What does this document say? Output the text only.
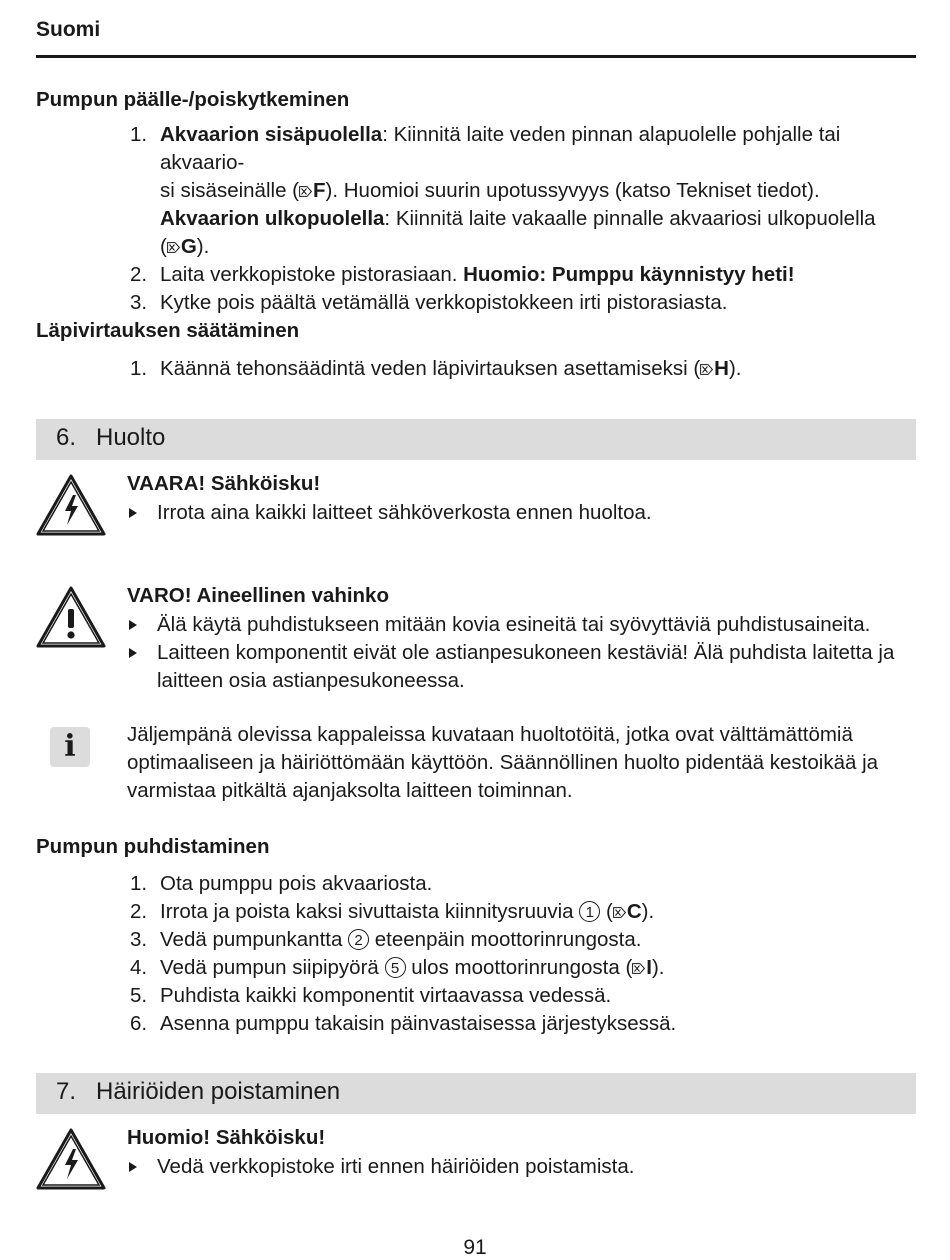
Suomi
Pumpun päälle-/poiskytkeminen
1. Akvaarion sisäpuolella: Kiinnitä laite veden pinnan alapuolelle pohjalle tai akvaario-
si sisäseinälle ( F). Huomioi suurin upotussyvyys (katso Tekniset tiedot).
Akvaarion ulkopuolella: Kiinnitä laite vakaalle pinnalle akvaariosi ulkopuolella
( G).
2. Laita verkkopistoke pistorasiaan. Huomio: Pumppu käynnistyy heti!
3. Kytke pois päältä vetämällä verkkopistokkeen irti pistorasiasta.
Läpivirtauksen säätäminen
1. Käännä tehonsäädintä veden läpivirtauksen asettamiseksi ( H).
6. Huolto
VAARA! Sähköisku!
Irrota aina kaikki laitteet sähköverkosta ennen huoltoa.
VARO! Aineellinen vahinko
Älä käytä puhdistukseen mitään kovia esineitä tai syövyttäviä puhdistusaineita.
Laitteen komponentit eivät ole astianpesukoneen kestäviä! Älä puhdista laitetta ja
laitteen osia astianpesukoneessa.
i	Jäljempänä olevissa kappaleissa kuvataan huoltotöitä, jotka ovat välttämättömiä
optimaaliseen ja häiriöttömään käyttöön. Säännöllinen huolto pidentää kestoikää ja
varmistaa pitkältä ajanjaksolta laitteen toiminnan.
Pumpun puhdistaminen
1. Ota pumppu pois akvaariosta.
2. Irrota ja poista kaksi sivuttaista kiinnitysruuvia 1 ( C).
3. Vedä pumpunkantta 2 eteenpäin moottorinrungosta.
4. Vedä pumpun siipipyörä 5 ulos moottorinrungosta ( I).
5. Puhdista kaikki komponentit virtaavassa vedessä.
6. Asenna pumppu takaisin päinvastaisessa järjestyksessä.
7. Häiriöiden poistaminen
Huomio! Sähköisku!
Vedä verkkopistoke irti ennen häiriöiden poistamista.
91
